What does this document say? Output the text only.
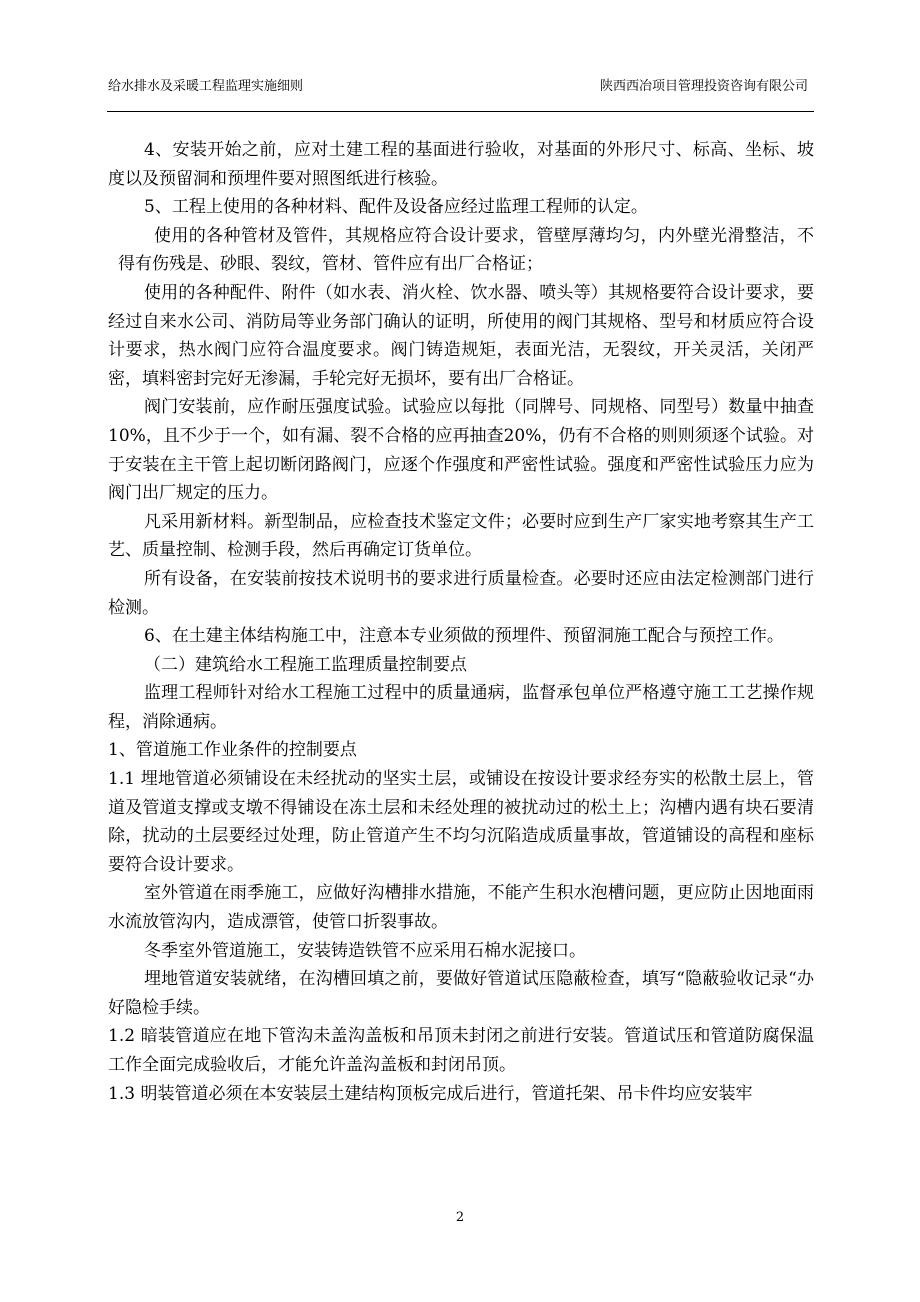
给水排水及采暖工程监理实施细则	陕西西冶项目管理投资咨询有限公司

4、安装开始之前，应对土建工程的基面进行验收，对基面的外形尺寸、标高、坐标、坡度以及预留洞和预埋件要对照图纸进行核验。

5、工程上使用的各种材料、配件及设备应经过监理工程师的认定。

使用的各种管材及管件，其规格应符合设计要求，管壁厚薄均匀，内外壁光滑整洁，不得有伤残是、砂眼、裂纹，管材、管件应有出厂合格证；

使用的各种配件、附件（如水表、消火栓、饮水器、喷头等）其规格要符合设计要求，要经过自来水公司、消防局等业务部门确认的证明，所使用的阀门其规格、型号和材质应符合设计要求，热水阀门应符合温度要求。阀门铸造规矩，表面光洁，无裂纹，开关灵活，关闭严密，填料密封完好无渗漏，手轮完好无损坏，要有出厂合格证。

阀门安装前，应作耐压强度试验。试验应以每批（同牌号、同规格、同型号）数量中抽查10%，且不少于一个，如有漏、裂不合格的应再抽查20%，仍有不合格的则则须逐个试验。对于安装在主干管上起切断闭路阀门，应逐个作强度和严密性试验。强度和严密性试验压力应为阀门出厂规定的压力。

凡采用新材料。新型制品，应检查技术鉴定文件；必要时应到生产厂家实地考察其生产工艺、质量控制、检测手段，然后再确定订货单位。

所有设备，在安装前按技术说明书的要求进行质量检查。必要时还应由法定检测部门进行检测。

6、在土建主体结构施工中，注意本专业须做的预埋件、预留洞施工配合与预控工作。

（二）建筑给水工程施工监理质量控制要点

监理工程师针对给水工程施工过程中的质量通病，监督承包单位严格遵守施工工艺操作规程，消除通病。

1、管道施工作业条件的控制要点

1.1 埋地管道必须铺设在未经扰动的坚实土层，或铺设在按设计要求经夯实的松散土层上，管道及管道支撑或支墩不得铺设在冻土层和未经处理的被扰动过的松土上；沟槽内遇有块石要清除，扰动的土层要经过处理，防止管道产生不均匀沉陷造成质量事故，管道铺设的高程和座标要符合设计要求。

室外管道在雨季施工，应做好沟槽排水措施，不能产生积水泡槽问题，更应防止因地面雨水流放管沟内，造成漂管，使管口折裂事故。

冬季室外管道施工，安装铸造铁管不应采用石棉水泥接口。

埋地管道安装就绪，在沟槽回填之前，要做好管道试压隐蔽检查，填写“隐蔽验收记录“办好隐检手续。

1.2 暗装管道应在地下管沟未盖沟盖板和吊顶未封闭之前进行安装。管道试压和管道防腐保温工作全面完成验收后，才能允许盖沟盖板和封闭吊顶。

1.3 明装管道必须在本安装层土建结构顶板完成后进行，管道托架、吊卡件均应安装牢

2
